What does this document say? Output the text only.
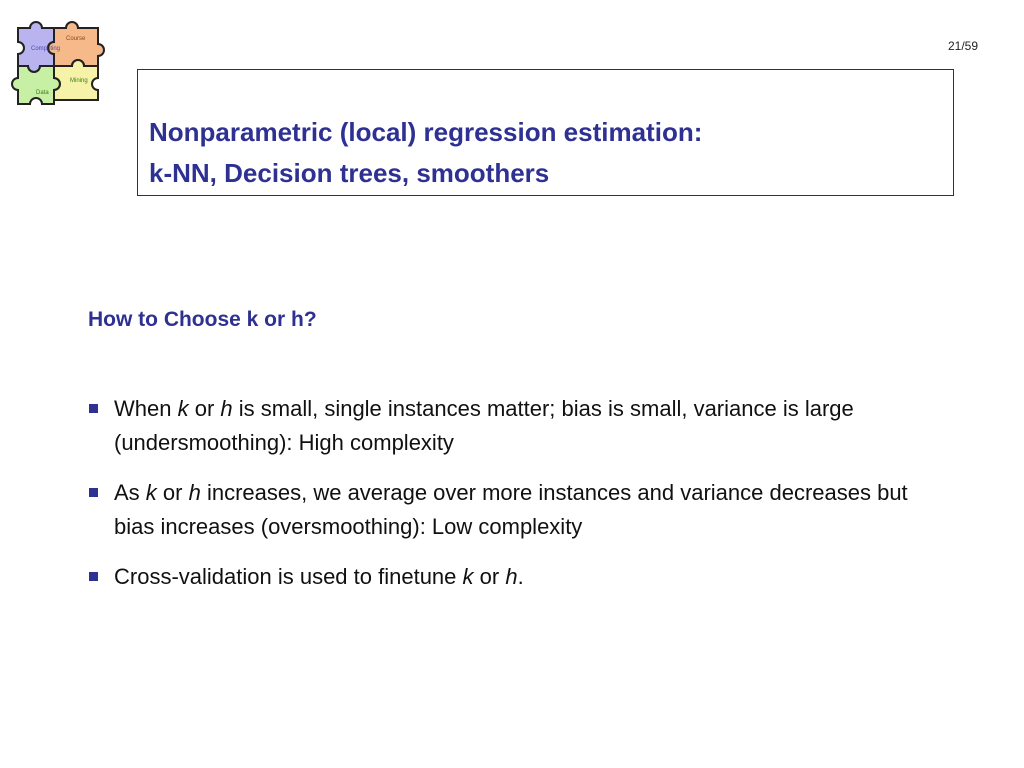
Computing
Course
Mining
Data
21/59
Nonparametric (local) regression estimation:
k-NN, Decision trees, smoothers
How to Choose k or h?
When k or h is small, single instances matter; bias is small, variance is large (undersmoothing): High complexity
As k or h increases, we average over more instances and variance decreases but bias increases (oversmoothing): Low complexity
Cross-validation is used to finetune k or h.
